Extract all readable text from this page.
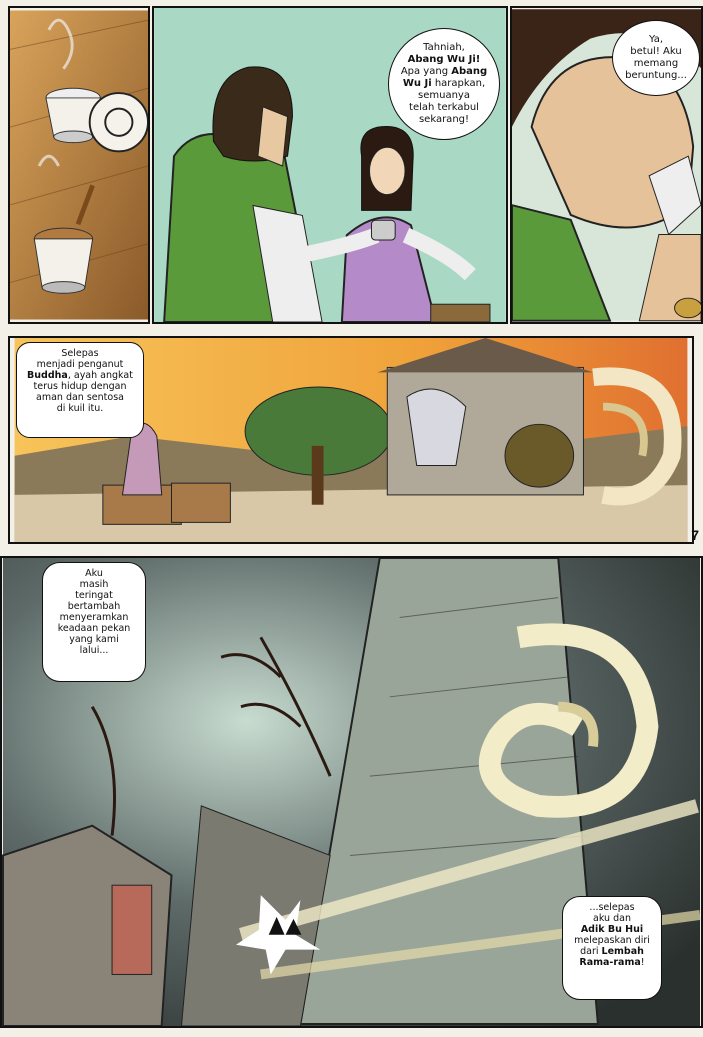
Tahniah,
Abang Wu Ji!
Apa yang Abang
Wu Ji harapkan,
semuanya
telah terkabul
sekarang!
Ya,
betul! Aku
memang
beruntung...
Selepas
menjadi penganut
Buddha, ayah angkat
terus hidup dengan
aman dan sentosa
di kuil itu.
7
Aku
masih
teringat
bertambah
menyeramkan
keadaan pekan
yang kami
lalui...
...selepas
aku dan
Adik Bu Hui
melepaskan diri
dari Lembah
Rama-rama!
